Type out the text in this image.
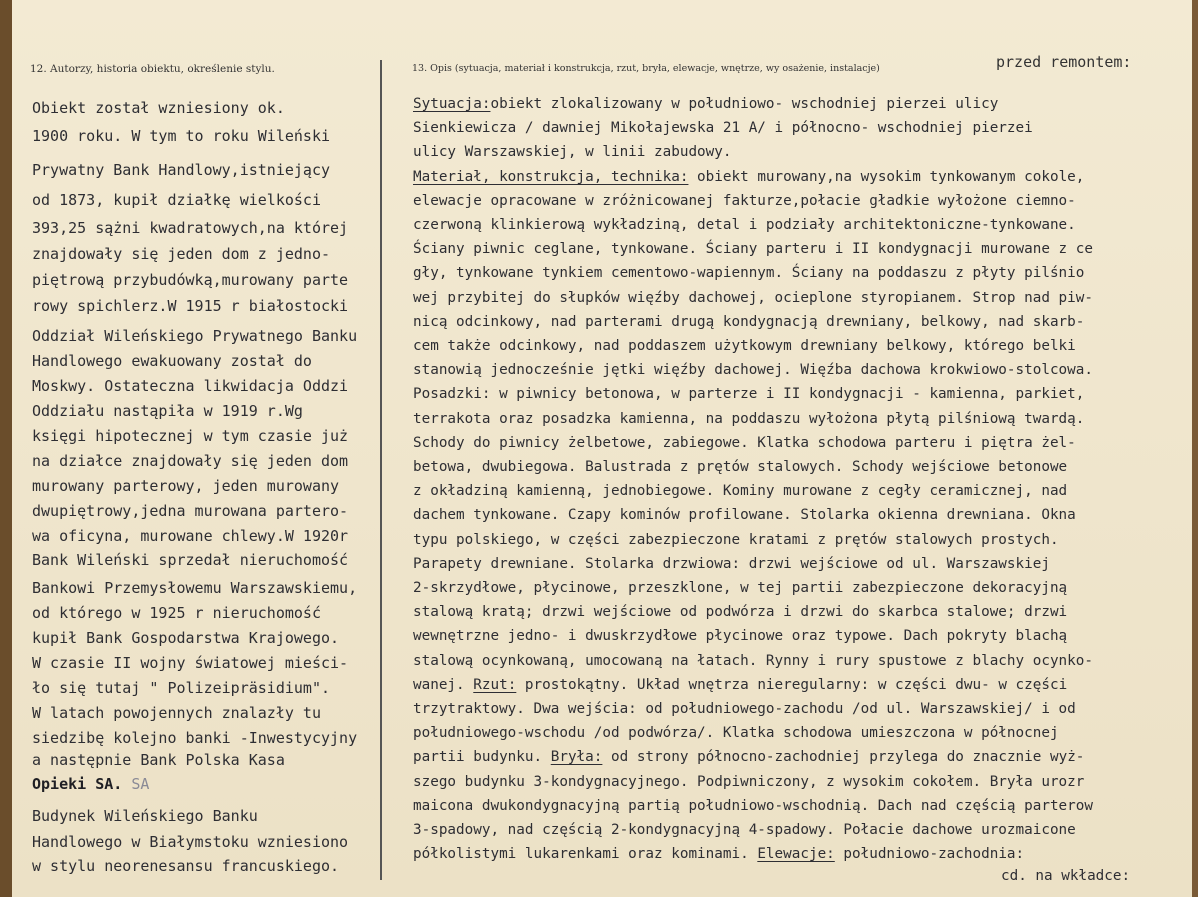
12. Autorzy, historia obiektu, określenie stylu.	13. Opis (sytuacja, materiał i konstrukcja, rzut, bryła, elewacje, wnętrze, wy osażenie, instalacje)	przed remontem:
Obiekt został wzniesiony ok.
1900 roku. W tym to roku Wileński
Prywatny Bank Handlowy,istniejący
od 1873, kupił działkę wielkości
393,25 sążni kwadratowych,na której
znajdowały się jeden dom z jedno-
piętrową przybudówką,murowany parte
rowy spichlerz.W 1915 r białostocki
Oddział Wileńskiego Prywatnego Banku
Handlowego ewakuowany został do
Moskwy. Ostateczna likwidacja Oddzi
Oddziału nastąpiła w 1919 r.Wg
księgi hipotecznej w tym czasie już
na działce znajdowały się jeden dom
murowany parterowy, jeden murowany
dwupiętrowy,jedna murowana partero-
wa oficyna, murowane chlewy.W 1920r
Bank Wileński sprzedał nieruchomość
Bankowi Przemysłowemu Warszawskiemu,
od którego w 1925 r nieruchomość
kupił Bank Gospodarstwa Krajowego.
W czasie II wojny światowej mieści-
ło się tutaj " Polizeipräsidium".
W latach powojennych znalazły tu
siedzibę kolejno banki -Inwestycyjny
a następnie Bank Polska Kasa
Opieki SA. SA
Budynek Wileńskiego Banku
Handlowego w Białymstoku wzniesiono
w stylu neorenesansu francuskiego.
Sytuacja:obiekt zlokalizowany w południowo- wschodniej pierzei ulicy
Sienkiewicza / dawniej Mikołajewska 21 A/ i północno- wschodniej pierzei
ulicy Warszawskiej, w linii zabudowy.
Materiał, konstrukcja, technika: obiekt murowany,na wysokim tynkowanym cokole,
elewacje opracowane w zróżnicowanej fakturze,połacie gładkie wyłożone ciemno-
czerwoną klinkierową wykładziną, detal i podziały architektoniczne-tynkowane.
Ściany piwnic ceglane, tynkowane. Ściany parteru i II kondygnacji murowane z ce
gły, tynkowane tynkiem cementowo-wapiennym. Ściany na poddaszu z płyty pilśnio
wej przybitej do słupków więźby dachowej, ocieplone styropianem. Strop nad piw-
nicą odcinkowy, nad parterami drugą kondygnacją drewniany, belkowy, nad skarb-
cem także odcinkowy, nad poddaszem użytkowym drewniany belkowy, którego belki
stanowią jednocześnie jętki więźby dachowej. Więźba dachowa krokwiowo-stolcowa.
Posadzki: w piwnicy betonowa, w parterze i II kondygnacji - kamienna, parkiet,
terrakota oraz posadzka kamienna, na poddaszu wyłożona płytą pilśniową twardą.
Schody do piwnicy żelbetowe, zabiegowe. Klatka schodowa parteru i piętra żel-
betowa, dwubiegowa. Balustrada z prętów stalowych. Schody wejściowe betonowe
z okładziną kamienną, jednobiegowe. Kominy murowane z cegły ceramicznej, nad
dachem tynkowane. Czapy kominów profilowane. Stolarka okienna drewniana. Okna
typu polskiego, w części zabezpieczone kratami z prętów stalowych prostych.
Parapety drewniane. Stolarka drzwiowa: drzwi wejściowe od ul. Warszawskiej
2-skrzydłowe, płycinowe, przeszklone, w tej partii zabezpieczone dekoracyjną
stalową kratą; drzwi wejściowe od podwórza i drzwi do skarbca stalowe; drzwi
wewnętrzne jedno- i dwuskrzydłowe płycinowe oraz typowe. Dach pokryty blachą
stalową ocynkowaną, umocowaną na łatach. Rynny i rury spustowe z blachy ocynko-
wanej. Rzut: prostokątny. Układ wnętrza nieregularny: w części dwu- w części
trzytraktowy. Dwa wejścia: od południowego-zachodu /od ul. Warszawskiej/ i od
południowego-wschodu /od podwórza/. Klatka schodowa umieszczona w północnej
partii budynku. Bryła: od strony północno-zachodniej przylega do znacznie wyż-
szego budynku 3-kondygnacyjnego. Podpiwniczony, z wysokim cokołem. Bryła urozr
maicona dwukondygnacyjną partią południowo-wschodnią. Dach nad częścią parterow
3-spadowy, nad częścią 2-kondygnacyjną 4-spadowy. Połacie dachowe urozmaicone
półkolistymi lukarenkami oraz kominami. Elewacje: południowo-zachodnia:
cd. na wkładce:
